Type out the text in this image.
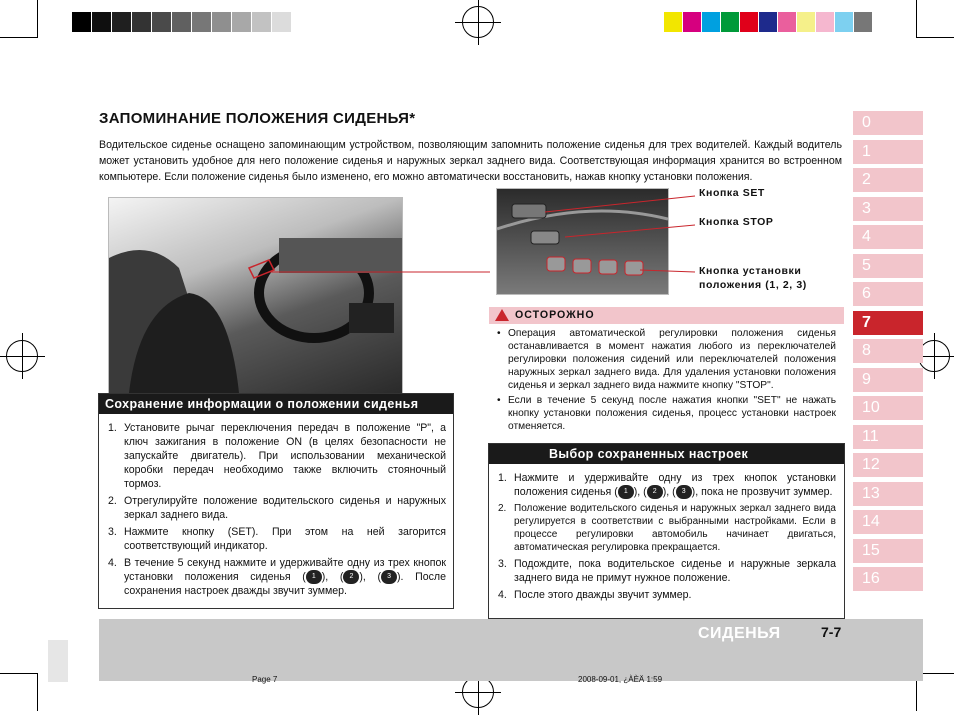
ЗАПОМИНАНИЕ ПОЛОЖЕНИЯ СИДЕНЬЯ*
Водительское сиденье оснащено запоминающим устройством, позволяющим запомнить положение сиденья для трех водителей. Каждый водитель может установить удобное для него положение сиденья и наружных зеркал заднего вида. Соответствующая информация хранится во встроенном компьютере. Если положение сиденья было изменено, его можно автоматически восстановить, нажав кнопку установки положения.
Кнопка SET
Кнопка STOP
Кнопка установки положения (1, 2, 3)
ОСТОРОЖНО
• Операция автоматической регулировки положения сиденья останавливается в момент нажатия любого из переключателей регулировки положения сидений или переключателей положения наружных зеркал заднего вида. Для удаления установки положения сиденья и зеркал заднего вида нажмите кнопку "STOP".
• Если в течение 5 секунд после нажатия кнопки "SET" не нажать кнопку установки положения сиденья, процесс установки настроек отменяется.
Сохранение информации о положении сиденья
1. Установите рычаг переключения передач в положение "P", а ключ зажигания в положение ON (в целях безопасности не запускайте двигатель). При использовании механической коробки передач необходимо также включить стояночный тормоз.
2. Отрегулируйте положение водительского сиденья и наружных зеркал заднего вида.
3. Нажмите кнопку (SET). При этом на ней загорится соответствующий индикатор.
4. В течение 5 секунд нажмите и удерживайте одну из трех кнопок установки положения сиденья ( 1 ), ( 2 ), ( 3 ). После сохранения настроек дважды звучит зуммер.
Выбор сохраненных настроек
1. Нажмите и удерживайте одну из трех кнопок установки положения сиденья ( 1 ), ( 2 ), ( 3 ), пока не прозвучит зуммер.
2. Положение водительского сиденья и наружных зеркал заднего вида регулируется в соответствии с выбранными настройками. Если в процессе регулировки автомобиль начинает двигаться, автоматическая регулировка прекращается.
3. Подождите, пока водительское сиденье и наружные зеркала заднего вида не примут нужное положение.
4. После этого дважды звучит зуммер.
0
1
2
3
4
5
6
7
8
9
10
11
12
13
14
15
16
СИДЕНЬЯ	7-7
Page 7	2008-09-01, ¿ÀÈÄ 1:59
